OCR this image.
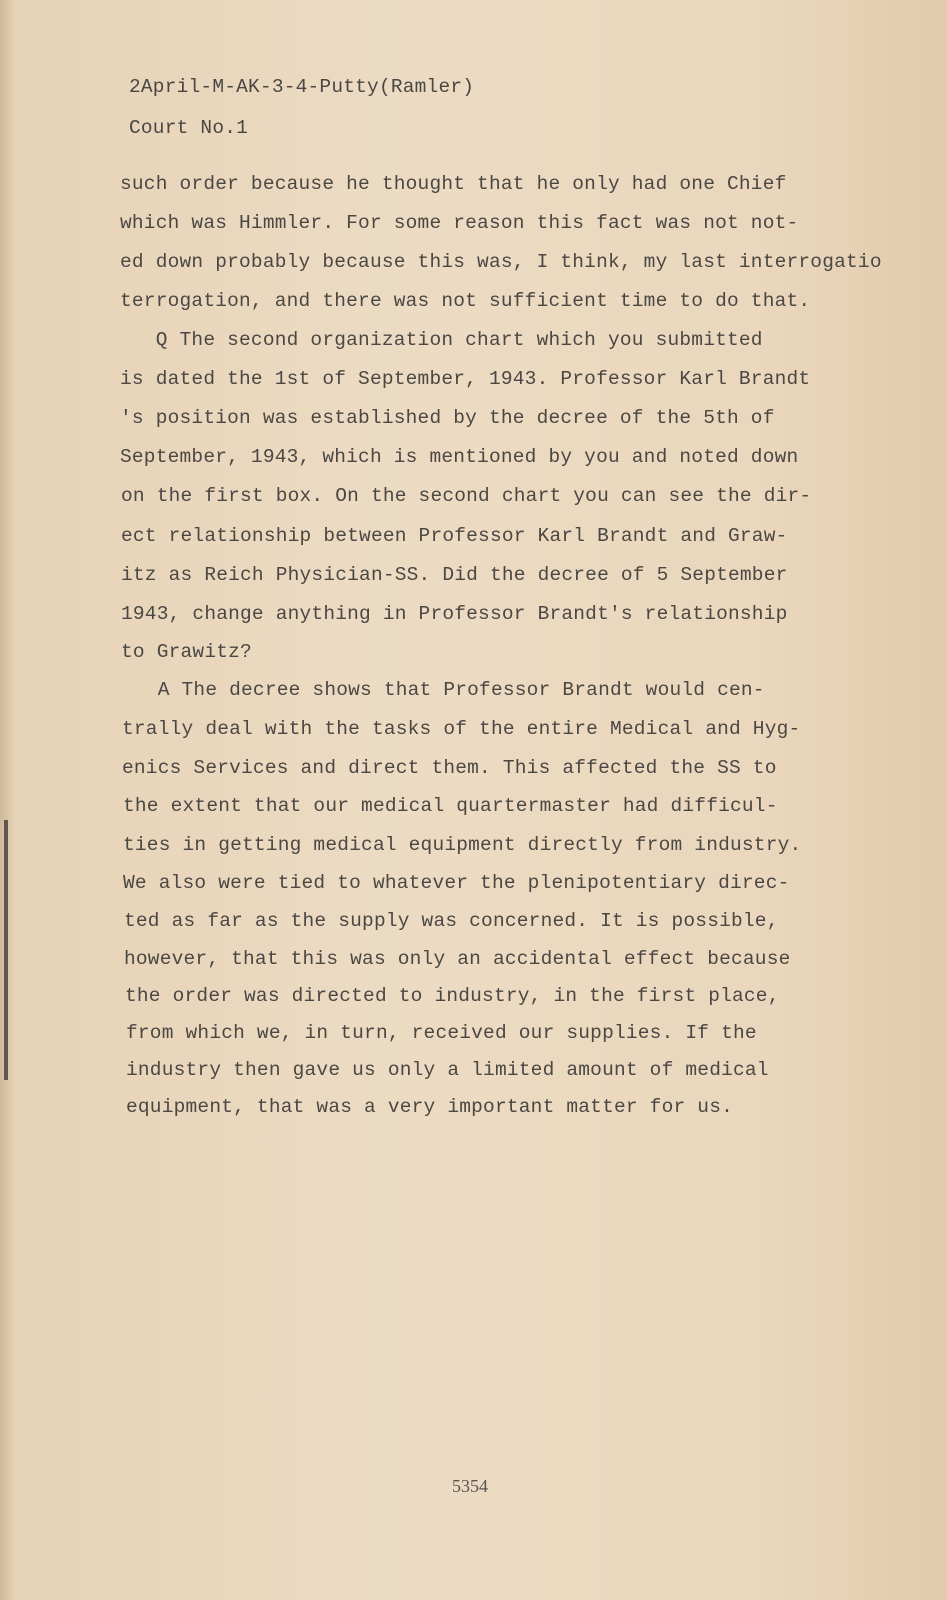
2April-M-AK-3-4-Putty(Ramler)
Court No.1
such order because he thought that he only had one Chief
which was Himmler. For some reason this fact was not not-
ed down probably because this was, I think, my last interrogatio
terrogation, and there was not sufficient time to do that.
Q The second organization chart which you submitted
is dated the 1st of September, 1943. Professor Karl Brandt
's position was established by the decree of the 5th of
September, 1943, which is mentioned by you and noted down
on the first box. On the second chart you can see the dir-
ect relationship between Professor Karl Brandt and Graw-
itz as Reich Physician-SS. Did the decree of 5 September
1943, change anything in Professor Brandt's relationship
to Grawitz?
A The decree shows that Professor Brandt would cen-
trally deal with the tasks of the entire Medical and Hyg-
enics Services and direct them. This affected the SS to
the extent that our medical quartermaster had difficul-
ties in getting medical equipment directly from industry.
We also were tied to whatever the plenipotentiary direc-
ted as far as the supply was concerned. It is possible,
however, that this was only an accidental effect because
the order was directed to industry, in the first place,
from which we, in turn, received our supplies. If the
industry then gave us only a limited amount of medical
equipment, that was a very important matter for us.
5354
